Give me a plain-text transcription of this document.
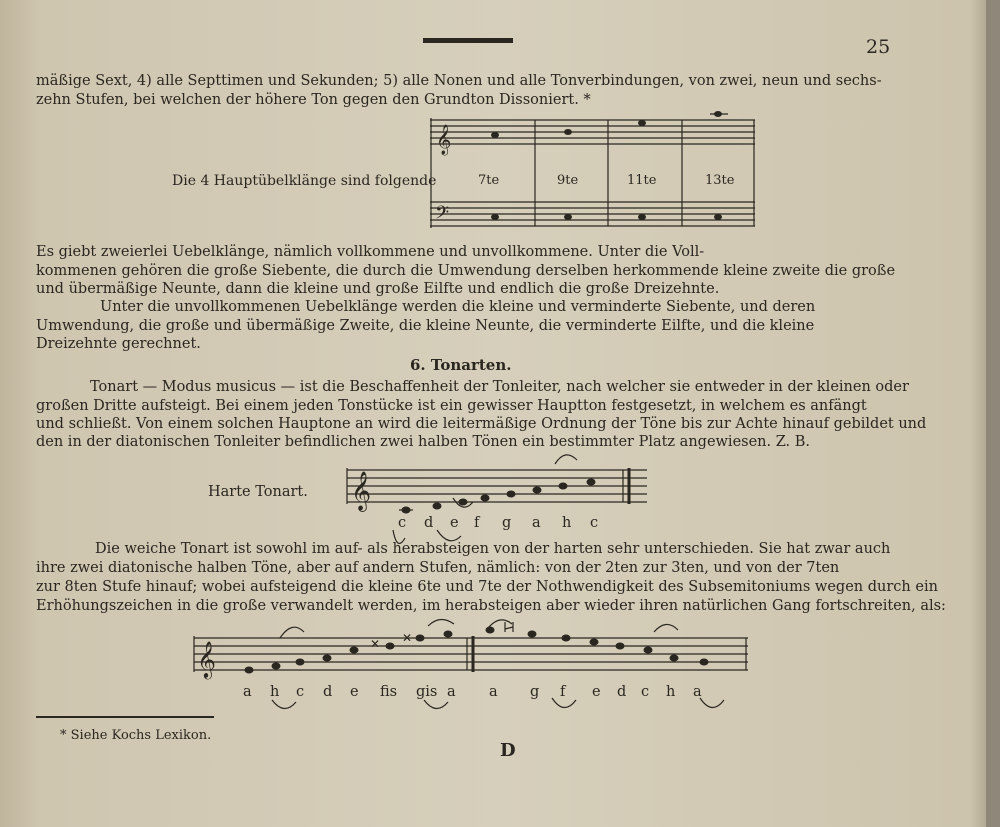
25
mäßige Sext, 4) alle Septtimen und Sekunden; 5) alle Nonen und alle Tonverbindungen, von zwei, neun und sechs-
zehn Stufen, bei welchen der höhere Ton gegen den Grundton Dissoniert. *
Die 4 Hauptübelklänge sind folgende
𝄞
𝄢
7te	9te	11te	13te
Es giebt zweierlei Uebelklänge, nämlich vollkommene und unvollkommene. Unter die Voll-
kommenen gehören die große Siebente, die durch die Umwendung derselben herkommende kleine zweite die große
und übermäßige Neunte, dann die kleine und große Eilfte und endlich die große Dreizehnte.
Unter die unvollkommenen Uebelklänge werden die kleine und verminderte Siebente, und deren
Umwendung, die große und übermäßige Zweite, die kleine Neunte, die verminderte Eilfte, und die kleine
Dreizehnte gerechnet.
6. Tonarten.
Tonart — Modus musicus — ist die Beschaffenheit der Tonleiter, nach welcher sie entweder in der kleinen oder
großen Dritte aufsteigt. Bei einem jeden Tonstücke ist ein gewisser Hauptton festgesetzt, in welchem es anfängt
und schließt. Von einem solchen Hauptone an wird die leitermäßige Ordnung der Töne bis zur Achte hinauf gebildet und
den in der diatonischen Tonleiter befindlichen zwei halben Tönen ein bestimmter Platz angewiesen. Z. B.
Harte Tonart. 𝄞
c d e f g a h c
Die weiche Tonart ist sowohl im auf- als herabsteigen von der harten sehr unterschieden. Sie hat zwar auch
ihre zwei diatonische halben Töne, aber auf andern Stufen, nämlich: von der 2ten zur 3ten, und von der 7ten
zur 8ten Stufe hinauf; wobei aufsteigend die kleine 6te und 7te der Nothwendigkeit des Subsemitoniums wegen durch ein
Erhöhungszeichen in die große verwandelt werden, im herabsteigen aber wieder ihren natürlichen Gang fortschreiten, als:
𝄞	✕ ✕
a h c d e fis gis a a g f e d c h a
* Siehe Kochs Lexikon.
D
